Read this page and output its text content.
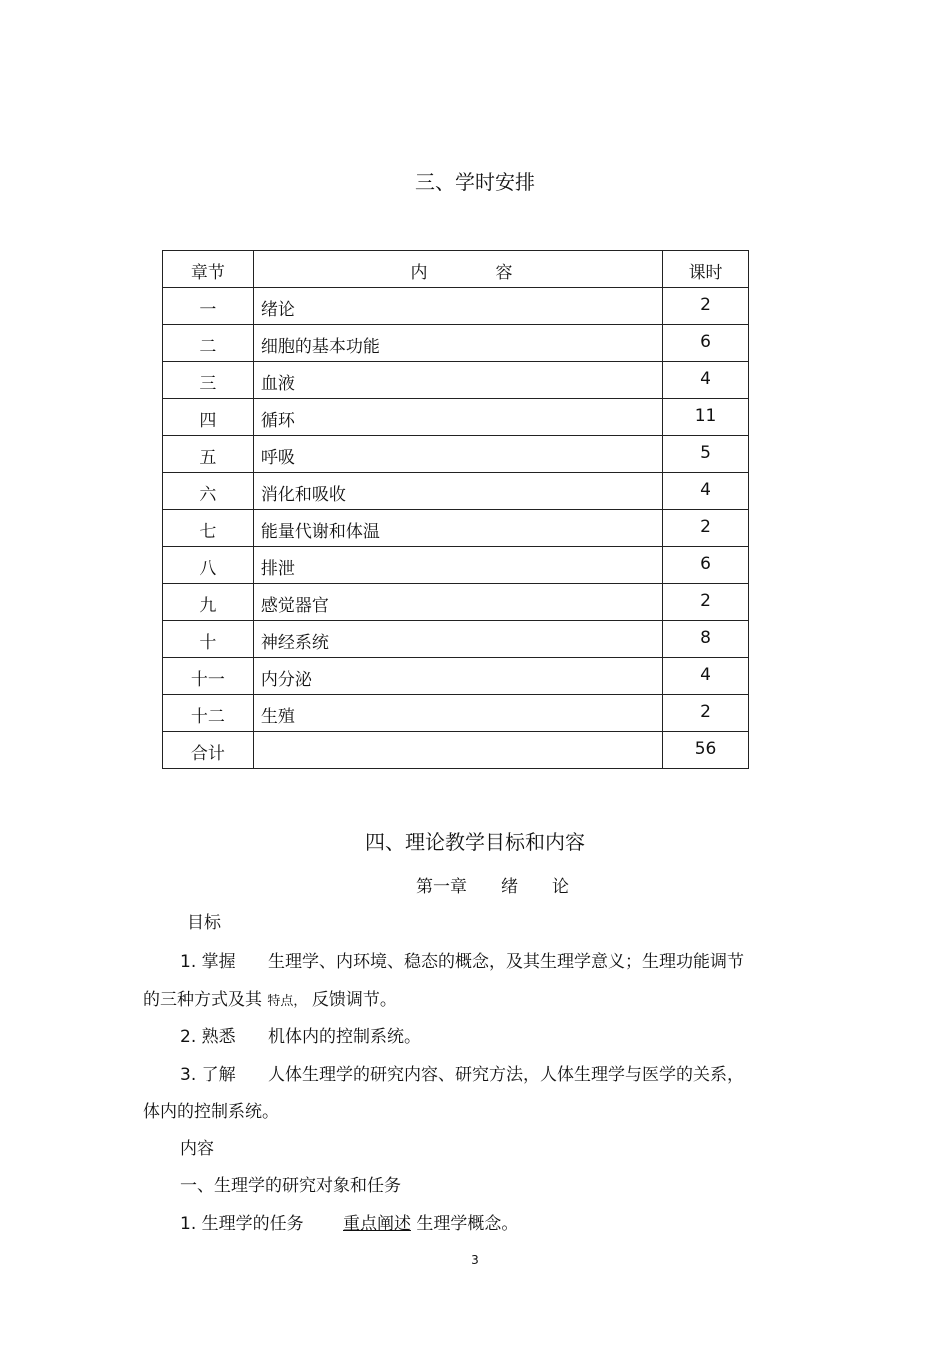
三、学时安排
章节	内　　　　容	课时
一	绪论	2
二	细胞的基本功能	6
三	血液	4
四	循环	11
五	呼吸	5
六	消化和吸收	4
七	能量代谢和体温	2
八	排泄	6
九	感觉器官	2
十	神经系统	8
十一	内分泌	4
十二	生殖	2
合计		56
四、理论教学目标和内容
第一章　　绪　　论
目标
1. 掌握 生理学、内环境、稳态的概念，及其生理学意义；生理功能调节
的三种方式及其 特点， 反馈调节。
2. 熟悉 机体内的控制系统。
3. 了解 人体生理学的研究内容、研究方法，人体生理学与医学的关系，
体内的控制系统。
内容
一、生理学的研究对象和任务
1. 生理学的任务 重点阐述 生理学概念。
3
